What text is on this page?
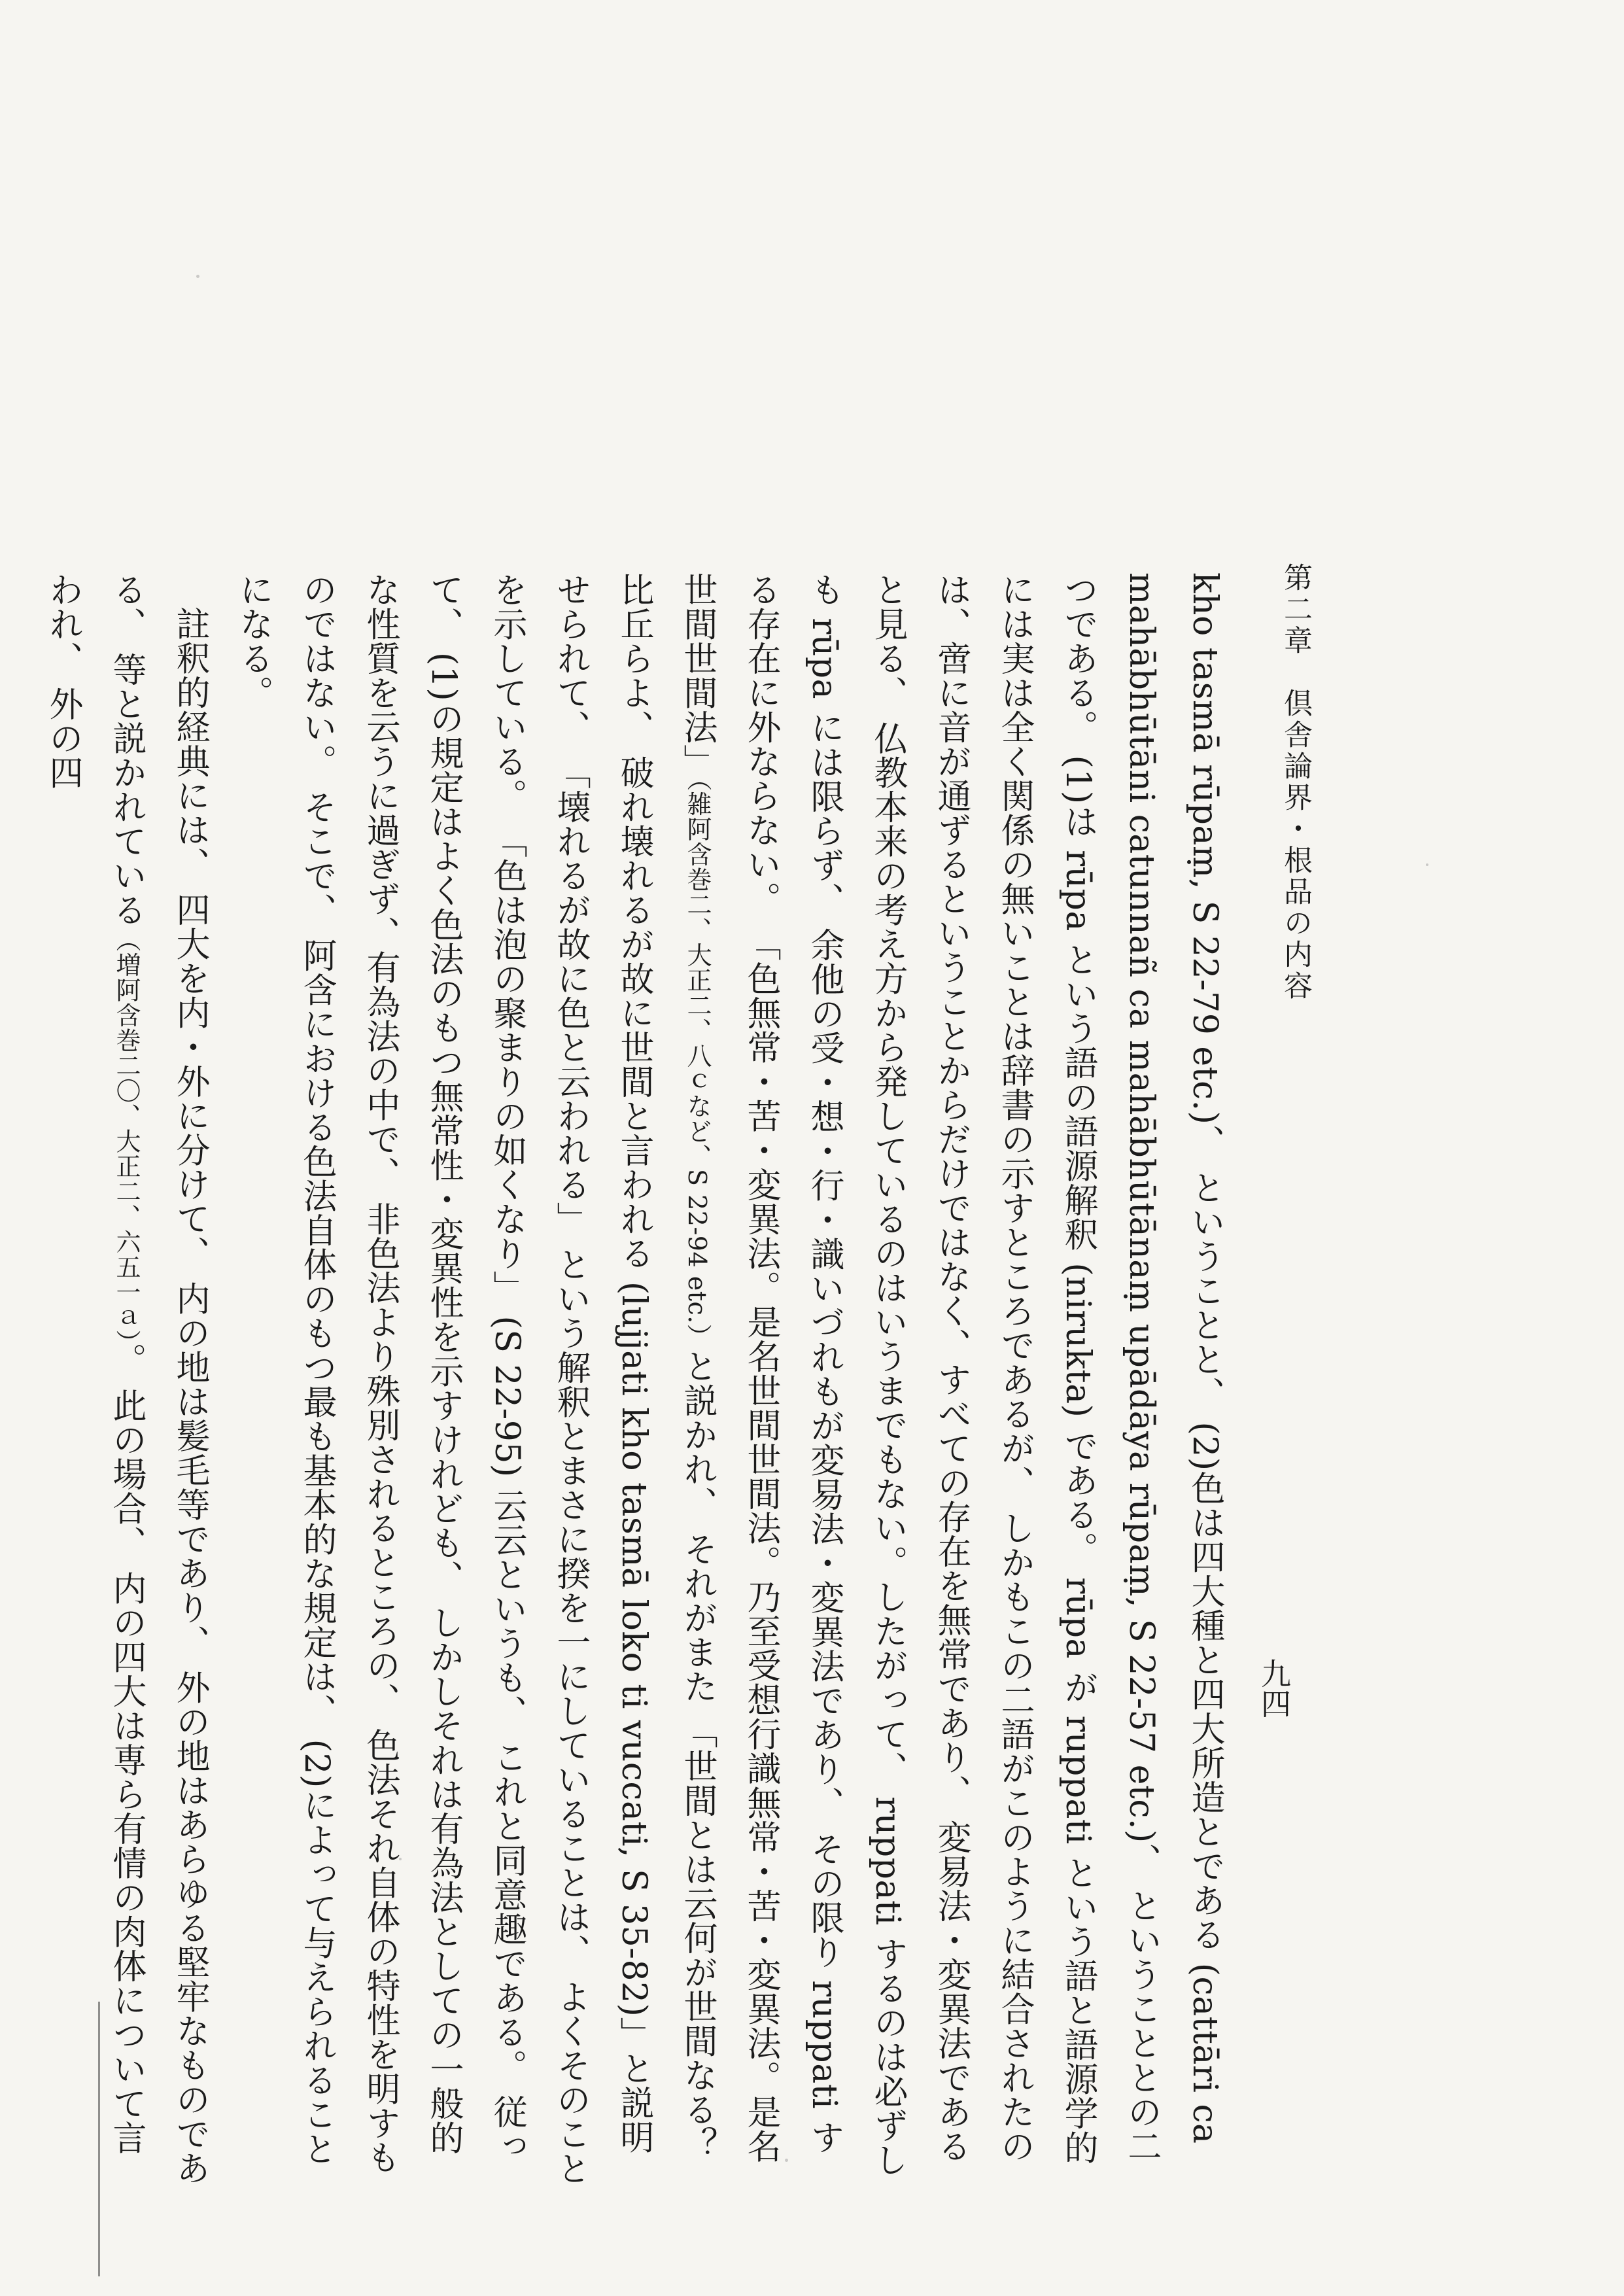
第二章　倶舎論界・根品の内容
九四

kho tasmā rūpaṃ, S 22-79 etc.)、 ということと、 (2)色は四大種と四大所造とである (cattāri ca mahābhūtāni catunnañ ca mahābhūtānaṃ upādāya rūpaṃ, S 22-57 etc.)、 ということとの二つである。 (1)は rūpa という語の語源解釈 (nirukta) である。 rūpa が ruppati という語と語源学的には実は全く関係の無いことは辞書の示すところであるが、 しかもこの二語がこのように結合されたのは、啻に音が通ずるということからだけではなく、すべての存在を無常であり、 変易法・変異法であると見る、 仏教本来の考え方から発しているのはいうまでもない。したがって、 ruppati するのは必ずしも rūpa には限らず、 余他の受・想・行・識いづれもが変易法・変異法であり、 その限り ruppati する存在に外ならない。 「色無常・苦・変異法。是名世間世間法。乃至受想行識無常・苦・変異法。是名世間世間法」（雑阿含巻二、大正二、八ｃなど、S 22-94 etc.）と説かれ、 それがまた 「世間とは云何が世間なる？ 比丘らよ、 破れ壊れるが故に世間と言われる (lujjati kho tasmā loko ti vuccati, S 35-82)」と説明せられて、 「壊れるが故に色と云われる」 という解釈とまさに揆を一にしていることは、 よくそのことを示している。 「色は泡の聚まりの如くなり」 (S 22-95) 云云というも、 これと同意趣である。 従って、 (1)の規定はよく色法のもつ無常性・変異性を示すけれども、 しかしそれは有為法としての一般的な性質を云うに過ぎず、有為法の中で、 非色法より殊別されるところの、 色法それ自体の特性を明すものではない。 そこで、 阿含における色法自体のもつ最も基本的な規定は、 (2)によって与えられることになる。

註釈的経典には、 四大を内・外に分けて、 内の地は髪毛等であり、 外の地はあらゆる堅牢なものである、 等と説かれている（増阿含巻二〇、大正二、六五一ａ）。 此の場合、 内の四大は専ら有情の肉体について言われ、 外の四
